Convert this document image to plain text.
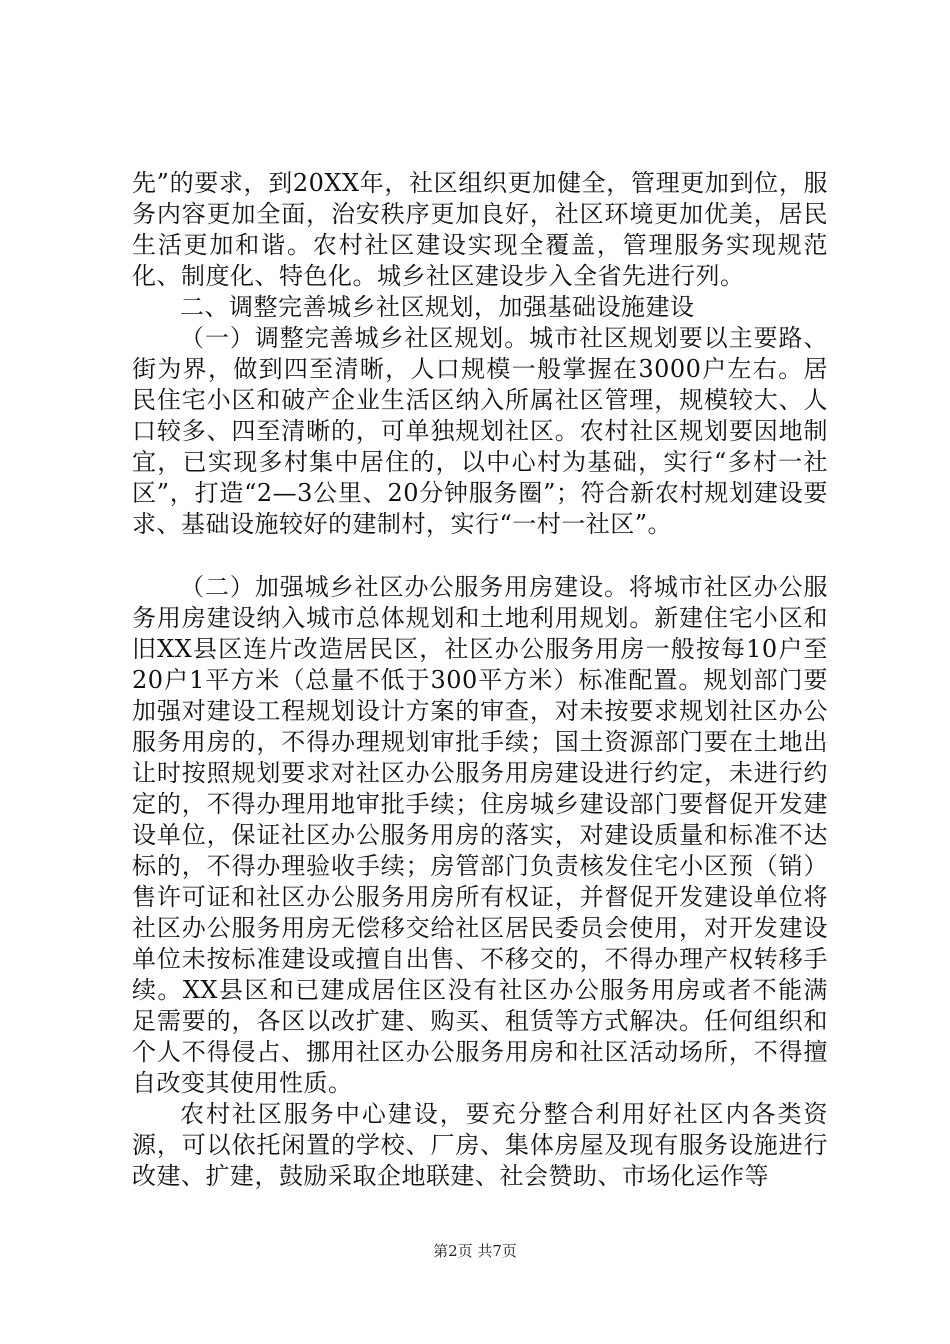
先”的要求，到20XX年，社区组织更加健全，管理更加到位，服务内容更加全面，治安秩序更加良好，社区环境更加优美，居民生活更加和谐。农村社区建设实现全覆盖，管理服务实现规范化、制度化、特色化。城乡社区建设步入全省先进行列。

二、调整完善城乡社区规划，加强基础设施建设

（一）调整完善城乡社区规划。城市社区规划要以主要路、街为界，做到四至清晰，人口规模一般掌握在3000户左右。居民住宅小区和破产企业生活区纳入所属社区管理，规模较大、人口较多、四至清晰的，可单独规划社区。农村社区规划要因地制宜，已实现多村集中居住的，以中心村为基础，实行“多村一社区”，打造“2—3公里、20分钟服务圈”；符合新农村规划建设要求、基础设施较好的建制村，实行“一村一社区”。

（二）加强城乡社区办公服务用房建设。将城市社区办公服务用房建设纳入城市总体规划和土地利用规划。新建住宅小区和旧XX县区连片改造居民区，社区办公服务用房一般按每10户至20户1平方米（总量不低于300平方米）标准配置。规划部门要加强对建设工程规划设计方案的审查，对未按要求规划社区办公服务用房的，不得办理规划审批手续；国土资源部门要在土地出让时按照规划要求对社区办公服务用房建设进行约定，未进行约定的，不得办理用地审批手续；住房城乡建设部门要督促开发建设单位，保证社区办公服务用房的落实，对建设质量和标准不达标的，不得办理验收手续；房管部门负责核发住宅小区预（销）售许可证和社区办公服务用房所有权证，并督促开发建设单位将社区办公服务用房无偿移交给社区居民委员会使用，对开发建设单位未按标准建设或擅自出售、不移交的，不得办理产权转移手续。XX县区和已建成居住区没有社区办公服务用房或者不能满足需要的，各区以改扩建、购买、租赁等方式解决。任何组织和个人不得侵占、挪用社区办公服务用房和社区活动场所，不得擅自改变其使用性质。

农村社区服务中心建设，要充分整合利用好社区内各类资源，可以依托闲置的学校、厂房、集体房屋及现有服务设施进行改建、扩建，鼓励采取企地联建、社会赞助、市场化运作等

第2页 共7页
